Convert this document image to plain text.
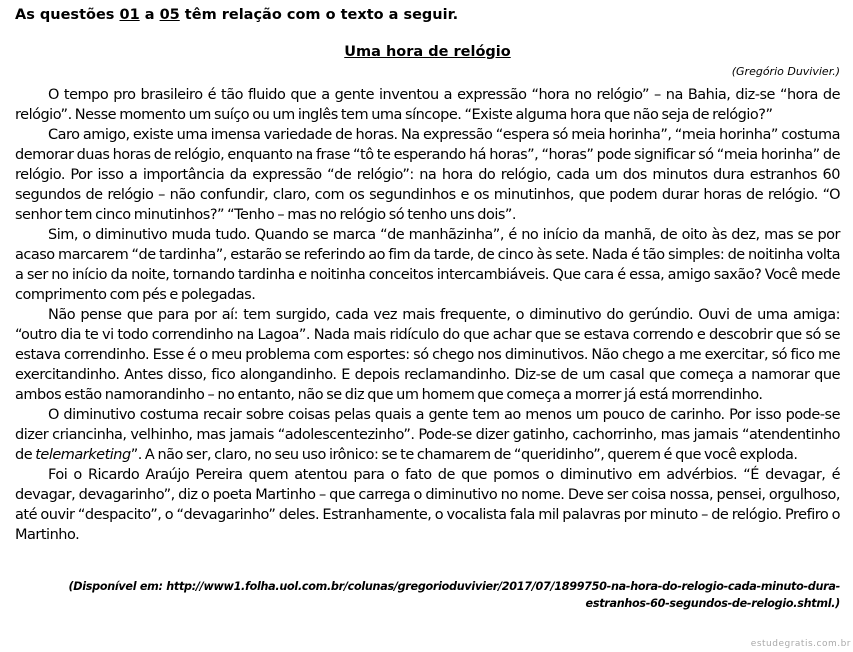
As questões 01 a 05 têm relação com o texto a seguir.
Uma hora de relógio
(Gregório Duvivier.)

O tempo pro brasileiro é tão fluido que a gente inventou a expressão “hora no relógio” – na Bahia, diz-se “hora de relógio”. Nesse momento um suíço ou um inglês tem uma síncope. “Existe alguma hora que não seja de relógio?”

Caro amigo, existe uma imensa variedade de horas. Na expressão “espera só meia horinha”, “meia horinha” costuma demorar duas horas de relógio, enquanto na frase “tô te esperando há horas”, “horas” pode significar só “meia horinha” de relógio. Por isso a importância da expressão “de relógio”: na hora do relógio, cada um dos minutos dura estranhos 60 segundos de relógio – não confundir, claro, com os segundinhos e os minutinhos, que podem durar horas de relógio. “O senhor tem cinco minutinhos?” “Tenho – mas no relógio só tenho uns dois”.

Sim, o diminutivo muda tudo. Quando se marca “de manhãzinha”, é no início da manhã, de oito às dez, mas se por acaso marcarem “de tardinha”, estarão se referindo ao fim da tarde, de cinco às sete. Nada é tão simples: de noitinha volta a ser no início da noite, tornando tardinha e noitinha conceitos intercambiáveis. Que cara é essa, amigo saxão? Você mede comprimento com pés e polegadas.

Não pense que para por aí: tem surgido, cada vez mais frequente, o diminutivo do gerúndio. Ouvi de uma amiga: “outro dia te vi todo correndinho na Lagoa”. Nada mais ridículo do que achar que se estava correndo e descobrir que só se estava correndinho. Esse é o meu problema com esportes: só chego nos diminutivos. Não chego a me exercitar, só fico me exercitandinho. Antes disso, fico alongandinho. E depois reclamandinho. Diz-se de um casal que começa a namorar que ambos estão namorandinho – no entanto, não se diz que um homem que começa a morrer já está morrendinho.

O diminutivo costuma recair sobre coisas pelas quais a gente tem ao menos um pouco de carinho. Por isso pode-se dizer criancinha, velhinho, mas jamais “adolescentezinho”. Pode-se dizer gatinho, cachorrinho, mas jamais “atendentinho de telemarketing”. A não ser, claro, no seu uso irônico: se te chamarem de “queridinho”, querem é que você exploda.

Foi o Ricardo Araújo Pereira quem atentou para o fato de que pomos o diminutivo em advérbios. “É devagar, é devagar, devagarinho”, diz o poeta Martinho – que carrega o diminutivo no nome. Deve ser coisa nossa, pensei, orgulhoso, até ouvir “despacito”, o “devagarinho” deles. Estranhamente, o vocalista fala mil palavras por minuto – de relógio. Prefiro o Martinho.

(Disponível em: http://www1.folha.uol.com.br/colunas/gregorioduvivier/2017/07/1899750-na-hora-do-relogio-cada-minuto-dura-estranhos-60-segundos-de-relogio.shtml.)
estudegratis.com.br
